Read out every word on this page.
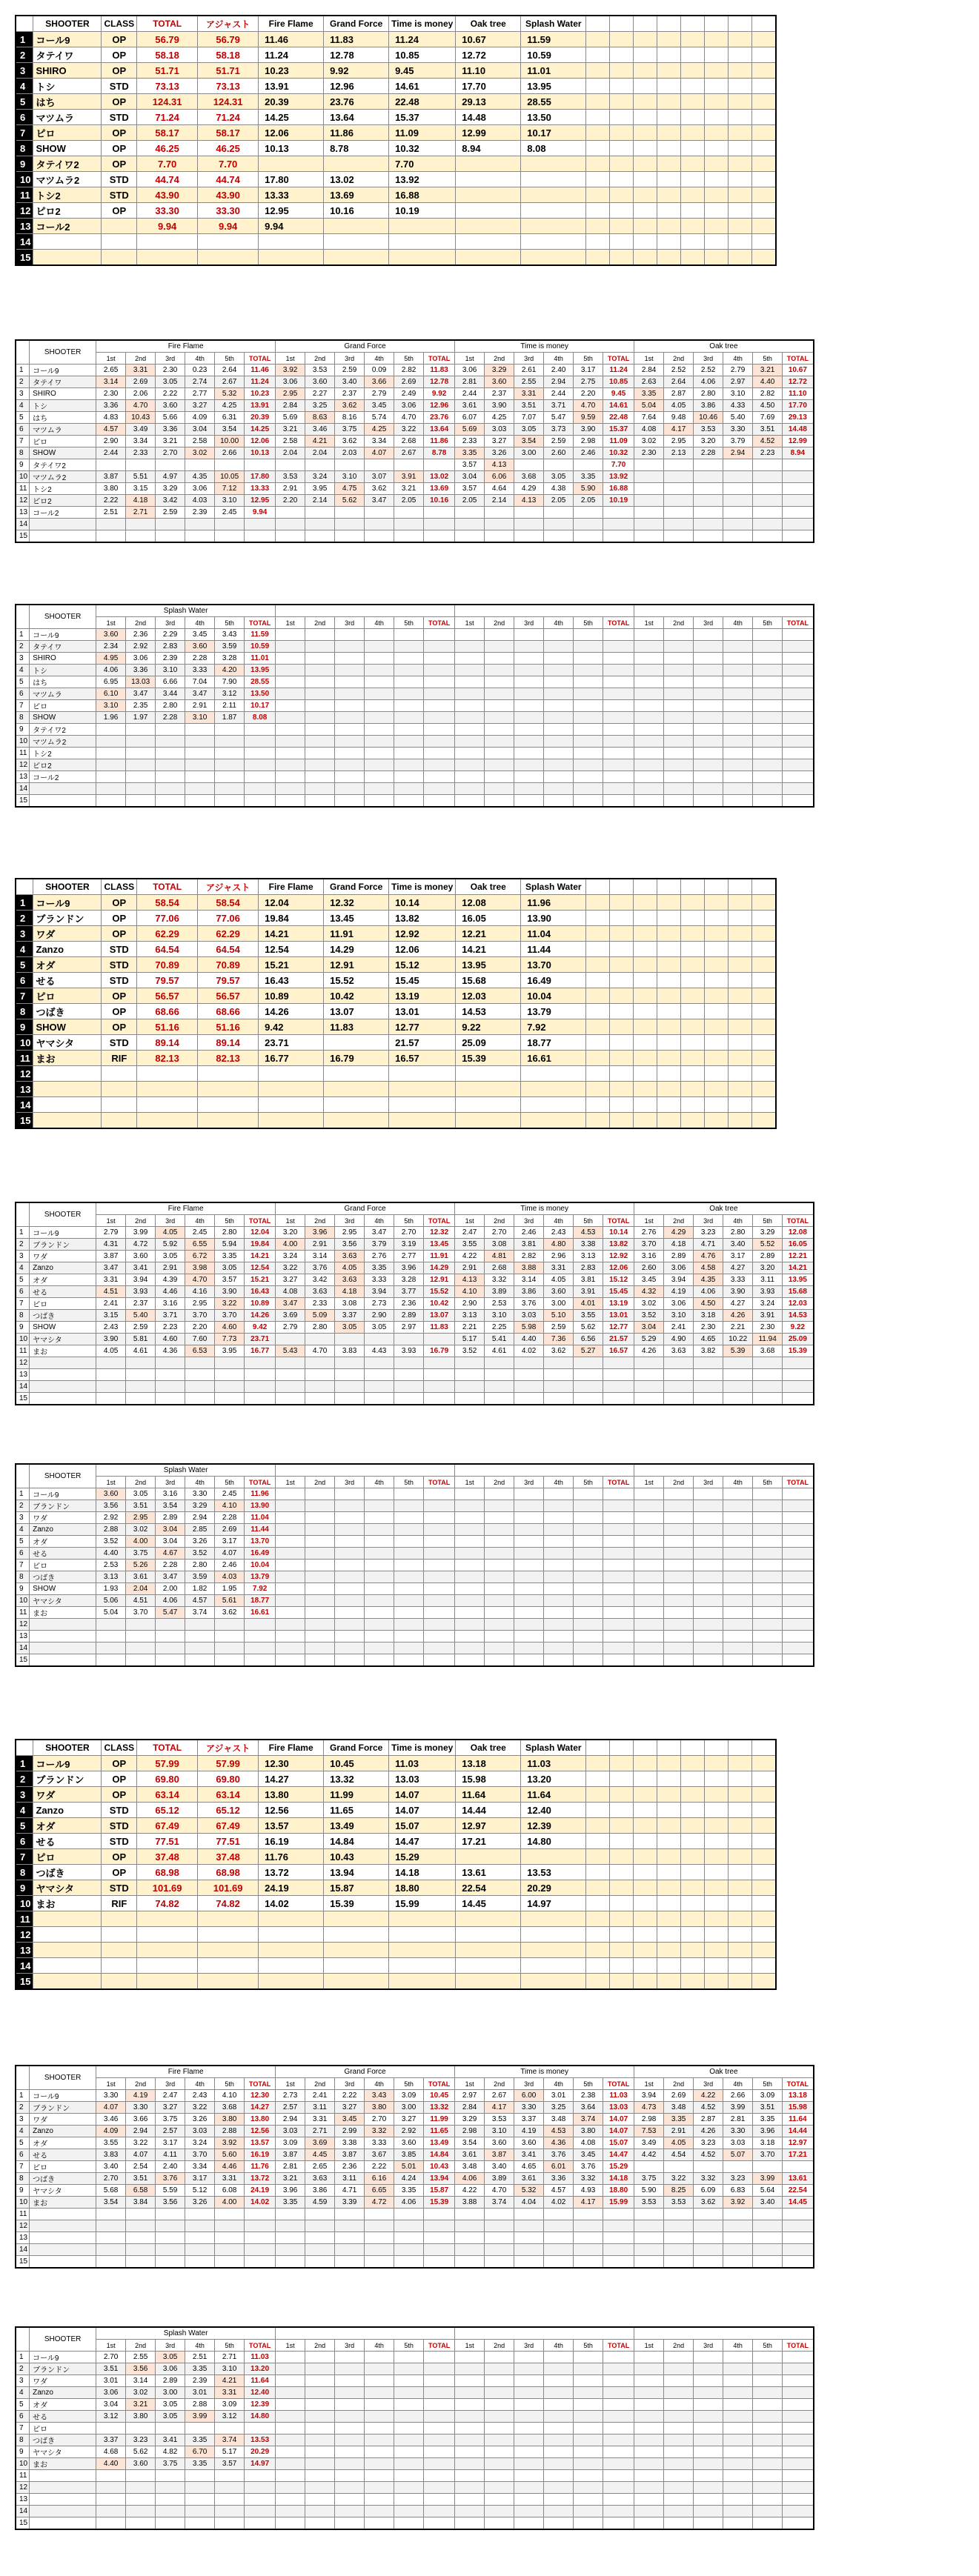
	SHOOTER	CLASS	TOTAL	アジャスト	Fire Flame	Grand Force	Time is money	Oak tree	Splash Water								
1	コール9	OP	56.79	56.79	11.46	11.83	11.24	10.67	11.59								
2	タテイワ	OP	58.18	58.18	11.24	12.78	10.85	12.72	10.59								
3	SHIRO	OP	51.71	51.71	10.23	9.92	9.45	11.10	11.01								
4	トシ	STD	73.13	73.13	13.91	12.96	14.61	17.70	13.95								
5	はち	OP	124.31	124.31	20.39	23.76	22.48	29.13	28.55								
6	マツムラ	STD	71.24	71.24	14.25	13.64	15.37	14.48	13.50								
7	ピロ	OP	58.17	58.17	12.06	11.86	11.09	12.99	10.17								
8	SHOW	OP	46.25	46.25	10.13	8.78	10.32	8.94	8.08								
9	タテイワ2	OP	7.70	7.70			7.70										
10	マツムラ2	STD	44.74	44.74	17.80	13.02	13.92										
11	トシ2	STD	43.90	43.90	13.33	13.69	16.88										
12	ピロ2	OP	33.30	33.30	12.95	10.16	10.19										
13	コール2		9.94	9.94	9.94												
14																	
15																	
	SHOOTER	Fire Flame						Grand Force						Time is money						Oak tree					
		1st	2nd	3rd	4th	5th	TOTAL	1st	2nd	3rd	4th	5th	TOTAL	1st	2nd	3rd	4th	5th	TOTAL	1st	2nd	3rd	4th	5th	TOTAL
1	コール9	2.65	3.31	2.30	0.23	2.64	11.46	3.92	3.53	2.59	0.09	2.82	11.83	3.06	3.29	2.61	2.40	3.17	11.24	2.84	2.52	2.52	2.79	3.21	10.67
2	タテイワ	3.14	2.69	3.05	2.74	2.67	11.24	3.06	3.60	3.40	3.66	2.69	12.78	2.81	3.60	2.55	2.94	2.75	10.85	2.63	2.64	4.06	2.97	4.40	12.72
3	SHIRO	2.30	2.06	2.22	2.77	5.32	10.23	2.95	2.27	2.37	2.79	2.49	9.92	2.44	2.37	3.31	2.44	2.20	9.45	3.35	2.87	2.80	3.10	2.82	11.10
4	トシ	3.36	4.70	3.60	3.27	4.25	13.91	2.84	3.25	3.62	3.45	3.06	12.96	3.61	3.90	3.51	3.71	4.70	14.61	5.04	4.05	3.86	4.33	4.50	17.70
5	はち	4.83	10.43	5.66	4.09	6.31	20.39	5.69	8.63	8.16	5.74	4.70	23.76	6.07	4.25	7.07	5.47	9.59	22.48	7.64	9.48	10.46	5.40	7.69	29.13
6	マツムラ	4.57	3.49	3.36	3.04	3.54	14.25	3.21	3.46	3.75	4.25	3.22	13.64	5.69	3.03	3.05	3.73	3.90	15.37	4.08	4.17	3.53	3.30	3.51	14.48
7	ピロ	2.90	3.34	3.21	2.58	10.00	12.06	2.58	4.21	3.62	3.34	2.68	11.86	2.33	3.27	3.54	2.59	2.98	11.09	3.02	2.95	3.20	3.79	4.52	12.99
8	SHOW	2.44	2.33	2.70	3.02	2.66	10.13	2.04	2.04	2.03	4.07	2.67	8.78	3.35	3.26	3.00	2.60	2.46	10.32	2.30	2.13	2.28	2.94	2.23	8.94
9	タテイワ2													3.57	4.13				7.70						
10	マツムラ2	3.87	5.51	4.97	4.35	10.05	17.80	3.53	3.24	3.10	3.07	3.91	13.02	3.04	6.06	3.68	3.05	3.35	13.92						
11	トシ2	3.80	3.15	3.29	3.06	7.12	13.33	2.91	3.95	4.75	3.62	3.21	13.69	3.57	4.64	4.29	4.38	5.90	16.88						
12	ピロ2	2.22	4.18	3.42	4.03	3.10	12.95	2.20	2.14	5.62	3.47	2.05	10.16	2.05	2.14	4.13	2.05	2.05	10.19						
13	コール2	2.51	2.71	2.59	2.39	2.45	9.94																		
14																									
15																									
	SHOOTER	Splash Water																							
		1st	2nd	3rd	4th	5th	TOTAL	1st	2nd	3rd	4th	5th	TOTAL	1st	2nd	3rd	4th	5th	TOTAL	1st	2nd	3rd	4th	5th	TOTAL
1	コール9	3.60	2.36	2.29	3.45	3.43	11.59																		
2	タテイワ	2.34	2.92	2.83	3.60	3.59	10.59																		
3	SHIRO	4.95	3.06	2.39	2.28	3.28	11.01																		
4	トシ	4.06	3.36	3.10	3.33	4.20	13.95																		
5	はち	6.95	13.03	6.66	7.04	7.90	28.55																		
6	マツムラ	6.10	3.47	3.44	3.47	3.12	13.50																		
7	ピロ	3.10	2.35	2.80	2.91	2.11	10.17																		
8	SHOW	1.96	1.97	2.28	3.10	1.87	8.08																		
9	タテイワ2																								
10	マツムラ2																								
11	トシ2																								
12	ピロ2																								
13	コール2																								
14																									
15																									
	SHOOTER	CLASS	TOTAL	アジャスト	Fire Flame	Grand Force	Time is money	Oak tree	Splash Water								
1	コール9	OP	58.54	58.54	12.04	12.32	10.14	12.08	11.96								
2	ブランドン	OP	77.06	77.06	19.84	13.45	13.82	16.05	13.90								
3	ワダ	OP	62.29	62.29	14.21	11.91	12.92	12.21	11.04								
4	Zanzo	STD	64.54	64.54	12.54	14.29	12.06	14.21	11.44								
5	オダ	STD	70.89	70.89	15.21	12.91	15.12	13.95	13.70								
6	せる	STD	79.57	79.57	16.43	15.52	15.45	15.68	16.49								
7	ピロ	OP	56.57	56.57	10.89	10.42	13.19	12.03	10.04								
8	つばき	OP	68.66	68.66	14.26	13.07	13.01	14.53	13.79								
9	SHOW	OP	51.16	51.16	9.42	11.83	12.77	9.22	7.92								
10	ヤマシタ	STD	89.14	89.14	23.71		21.57	25.09	18.77								
11	まお	RIF	82.13	82.13	16.77	16.79	16.57	15.39	16.61								
12																	
13																	
14																	
15																	
	SHOOTER	Fire Flame						Grand Force						Time is money						Oak tree					
		1st	2nd	3rd	4th	5th	TOTAL	1st	2nd	3rd	4th	5th	TOTAL	1st	2nd	3rd	4th	5th	TOTAL	1st	2nd	3rd	4th	5th	TOTAL
1	コール9	2.79	3.99	4.05	2.45	2.80	12.04	3.20	3.96	2.95	3.47	2.70	12.32	2.47	2.70	2.46	2.43	4.53	10.14	2.76	4.29	3.23	2.80	3.29	12.08
2	ブランドン	4.31	4.72	5.92	6.55	5.94	19.84	4.00	2.91	3.56	3.79	3.19	13.45	3.55	3.08	3.81	4.80	3.38	13.82	3.70	4.18	4.71	3.40	5.52	16.05
3	ワダ	3.87	3.60	3.05	6.72	3.35	14.21	3.24	3.14	3.63	2.76	2.77	11.91	4.22	4.81	2.82	2.96	3.13	12.92	3.16	2.89	4.76	3.17	2.89	12.21
4	Zanzo	3.47	3.41	2.91	3.98	3.05	12.54	3.22	3.76	4.05	3.35	3.96	14.29	2.91	2.68	3.88	3.31	2.83	12.06	2.60	3.06	4.58	4.27	3.20	14.21
5	オダ	3.31	3.94	4.39	4.70	3.57	15.21	3.27	3.42	3.63	3.33	3.28	12.91	4.13	3.32	3.14	4.05	3.81	15.12	3.45	3.94	4.35	3.33	3.11	13.95
6	せる	4.51	3.93	4.46	4.16	3.90	16.43	4.08	3.63	4.18	3.94	3.77	15.52	4.10	3.89	3.86	3.60	3.91	15.45	4.32	4.19	4.06	3.90	3.93	15.68
7	ピロ	2.41	2.37	3.16	2.95	3.22	10.89	3.47	2.33	3.08	2.73	2.36	10.42	2.90	2.53	3.76	3.00	4.01	13.19	3.02	3.06	4.50	4.27	3.24	12.03
8	つばき	3.15	5.40	3.71	3.70	3.70	14.26	3.69	5.09	3.37	2.90	2.89	13.07	3.13	3.10	3.03	5.10	3.55	13.01	3.52	3.10	3.18	4.26	3.91	14.53
9	SHOW	2.43	2.59	2.23	2.20	4.60	9.42	2.79	2.80	3.05	3.05	2.97	11.83	2.21	2.25	5.98	2.59	5.62	12.77	3.04	2.41	2.30	2.21	2.30	9.22
10	ヤマシタ	3.90	5.81	4.60	7.60	7.73	23.71							5.17	5.41	4.40	7.36	6.56	21.57	5.29	4.90	4.65	10.22	11.94	25.09
11	まお	4.05	4.61	4.36	6.53	3.95	16.77	5.43	4.70	3.83	4.43	3.93	16.79	3.52	4.61	4.02	3.62	5.27	16.57	4.26	3.63	3.82	5.39	3.68	15.39
12																									
13																									
14																									
15																									
	SHOOTER	Splash Water																							
		1st	2nd	3rd	4th	5th	TOTAL	1st	2nd	3rd	4th	5th	TOTAL	1st	2nd	3rd	4th	5th	TOTAL	1st	2nd	3rd	4th	5th	TOTAL
1	コール9	3.60	3.05	3.16	3.30	2.45	11.96																		
2	ブランドン	3.56	3.51	3.54	3.29	4.10	13.90																		
3	ワダ	2.92	2.95	2.89	2.94	2.28	11.04																		
4	Zanzo	2.88	3.02	3.04	2.85	2.69	11.44																		
5	オダ	3.52	4.00	3.04	3.26	3.17	13.70																		
6	せる	4.40	3.75	4.67	3.52	4.07	16.49																		
7	ピロ	2.53	5.26	2.28	2.80	2.46	10.04																		
8	つばき	3.13	3.61	3.47	3.59	4.03	13.79																		
9	SHOW	1.93	2.04	2.00	1.82	1.95	7.92																		
10	ヤマシタ	5.06	4.51	4.06	4.57	5.61	18.77																		
11	まお	5.04	3.70	5.47	3.74	3.62	16.61																		
12																									
13																									
14																									
15																									
	SHOOTER	CLASS	TOTAL	アジャスト	Fire Flame	Grand Force	Time is money	Oak tree	Splash Water								
1	コール9	OP	57.99	57.99	12.30	10.45	11.03	13.18	11.03								
2	ブランドン	OP	69.80	69.80	14.27	13.32	13.03	15.98	13.20								
3	ワダ	OP	63.14	63.14	13.80	11.99	14.07	11.64	11.64								
4	Zanzo	STD	65.12	65.12	12.56	11.65	14.07	14.44	12.40								
5	オダ	STD	67.49	67.49	13.57	13.49	15.07	12.97	12.39								
6	せる	STD	77.51	77.51	16.19	14.84	14.47	17.21	14.80								
7	ピロ	OP	37.48	37.48	11.76	10.43	15.29										
8	つばき	OP	68.98	68.98	13.72	13.94	14.18	13.61	13.53								
9	ヤマシタ	STD	101.69	101.69	24.19	15.87	18.80	22.54	20.29								
10	まお	RIF	74.82	74.82	14.02	15.39	15.99	14.45	14.97								
11																	
12																	
13																	
14																	
15																	
	SHOOTER	Fire Flame						Grand Force						Time is money						Oak tree					
		1st	2nd	3rd	4th	5th	TOTAL	1st	2nd	3rd	4th	5th	TOTAL	1st	2nd	3rd	4th	5th	TOTAL	1st	2nd	3rd	4th	5th	TOTAL
1	コール9	3.30	4.19	2.47	2.43	4.10	12.30	2.73	2.41	2.22	3.43	3.09	10.45	2.97	2.67	6.00	3.01	2.38	11.03	3.94	2.69	4.22	2.66	3.09	13.18
2	ブランドン	4.07	3.30	3.27	3.22	3.68	14.27	2.57	3.11	3.27	3.80	3.00	13.32	2.84	4.17	3.30	3.25	3.64	13.03	4.73	3.48	4.52	3.99	3.51	15.98
3	ワダ	3.46	3.66	3.75	3.26	3.80	13.80	2.94	3.31	3.45	2.70	3.27	11.99	3.29	3.53	3.37	3.48	3.74	14.07	2.98	3.35	2.87	2.81	3.35	11.64
4	Zanzo	4.09	2.94	2.57	3.03	2.88	12.56	3.03	2.71	2.99	3.32	2.92	11.65	2.98	3.10	4.19	4.53	3.80	14.07	7.53	2.91	4.26	3.30	3.96	14.44
5	オダ	3.55	3.22	3.17	3.24	3.92	13.57	3.09	3.69	3.38	3.33	3.60	13.49	3.54	3.60	3.60	4.36	4.08	15.07	3.49	4.05	3.23	3.03	3.18	12.97
6	せる	3.83	4.07	4.11	3.70	5.60	16.19	3.87	4.45	3.87	3.67	3.85	14.84	3.61	3.87	3.41	3.76	3.45	14.47	4.42	4.54	4.52	5.07	3.70	17.21
7	ピロ	3.40	2.54	2.40	3.34	4.46	11.76	2.81	2.65	2.36	2.22	5.01	10.43	3.48	3.40	4.65	6.01	3.76	15.29						
8	つばき	2.70	3.51	3.76	3.17	3.31	13.72	3.21	3.63	3.11	6.16	4.24	13.94	4.06	3.89	3.61	3.36	3.32	14.18	3.75	3.22	3.32	3.23	3.99	13.61
9	ヤマシタ	5.68	6.58	5.59	5.12	6.08	24.19	3.96	3.86	4.71	6.65	3.35	15.87	4.22	4.70	5.32	4.57	4.93	18.80	5.90	8.25	6.09	6.83	5.64	22.54
10	まお	3.54	3.84	3.56	3.26	4.00	14.02	3.35	4.59	3.39	4.72	4.06	15.39	3.88	3.74	4.04	4.02	4.17	15.99	3.53	3.53	3.62	3.92	3.40	14.45
11																									
12																									
13																									
14																									
15																									
	SHOOTER	Splash Water																							
		1st	2nd	3rd	4th	5th	TOTAL	1st	2nd	3rd	4th	5th	TOTAL	1st	2nd	3rd	4th	5th	TOTAL	1st	2nd	3rd	4th	5th	TOTAL
1	コール9	2.70	2.55	3.05	2.51	2.71	11.03																		
2	ブランドン	3.51	3.56	3.06	3.35	3.10	13.20																		
3	ワダ	3.01	3.14	2.89	2.39	4.21	11.64																		
4	Zanzo	3.06	3.02	3.00	3.01	3.31	12.40																		
5	オダ	3.04	3.21	3.05	2.88	3.09	12.39																		
6	せる	3.12	3.80	3.05	3.99	3.12	14.80																		
7	ピロ																								
8	つばき	3.37	3.23	3.41	3.35	3.74	13.53																		
9	ヤマシタ	4.68	5.62	4.82	6.70	5.17	20.29																		
10	まお	4.40	3.60	3.75	3.35	3.57	14.97																		
11																									
12																									
13																									
14																									
15																									
